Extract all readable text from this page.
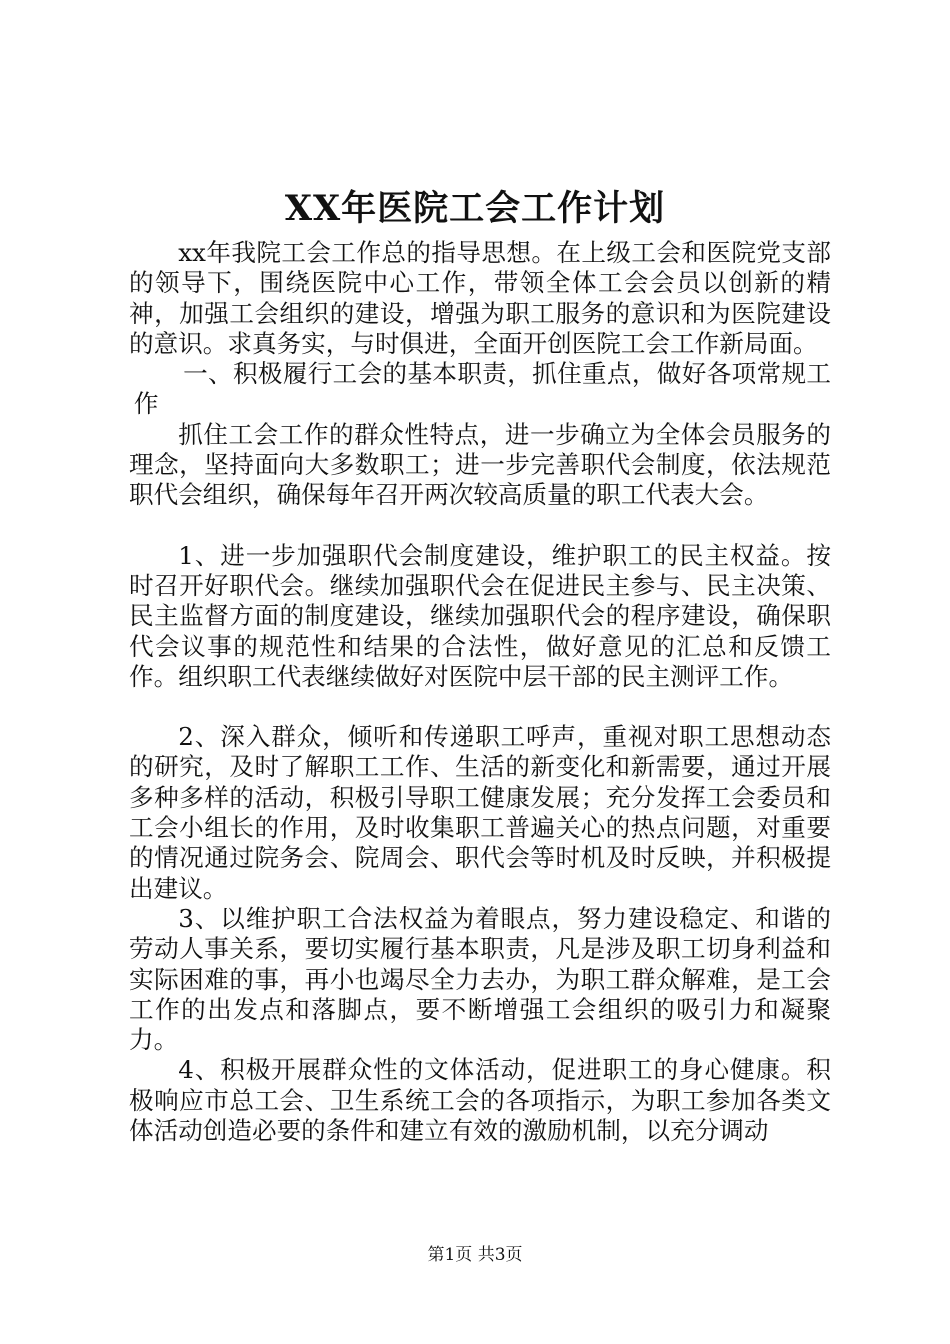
XX年医院工会工作计划

xx年我院工会工作总的指导思想。在上级工会和医院党支部的领导下，围绕医院中心工作，带领全体工会会员以创新的精神，加强工会组织的建设，增强为职工服务的意识和为医院建设的意识。求真务实，与时俱进，全面开创医院工会工作新局面。

一、积极履行工会的基本职责，抓住重点，做好各项常规工作

抓住工会工作的群众性特点，进一步确立为全体会员服务的理念，坚持面向大多数职工；进一步完善职代会制度，依法规范职代会组织，确保每年召开两次较高质量的职工代表大会。

1、进一步加强职代会制度建设，维护职工的民主权益。按时召开好职代会。继续加强职代会在促进民主参与、民主决策、民主监督方面的制度建设，继续加强职代会的程序建设，确保职代会议事的规范性和结果的合法性，做好意见的汇总和反馈工作。组织职工代表继续做好对医院中层干部的民主测评工作。

2、深入群众，倾听和传递职工呼声，重视对职工思想动态的研究，及时了解职工工作、生活的新变化和新需要，通过开展多种多样的活动，积极引导职工健康发展；充分发挥工会委员和工会小组长的作用，及时收集职工普遍关心的热点问题，对重要的情况通过院务会、院周会、职代会等时机及时反映，并积极提出建议。

3、以维护职工合法权益为着眼点，努力建设稳定、和谐的劳动人事关系，要切实履行基本职责，凡是涉及职工切身利益和实际困难的事，再小也竭尽全力去办，为职工群众解难，是工会工作的出发点和落脚点，要不断增强工会组织的吸引力和凝聚力。

4、积极开展群众性的文体活动，促进职工的身心健康。积极响应市总工会、卫生系统工会的各项指示，为职工参加各类文体活动创造必要的条件和建立有效的激励机制，以充分调动

第1页 共3页
